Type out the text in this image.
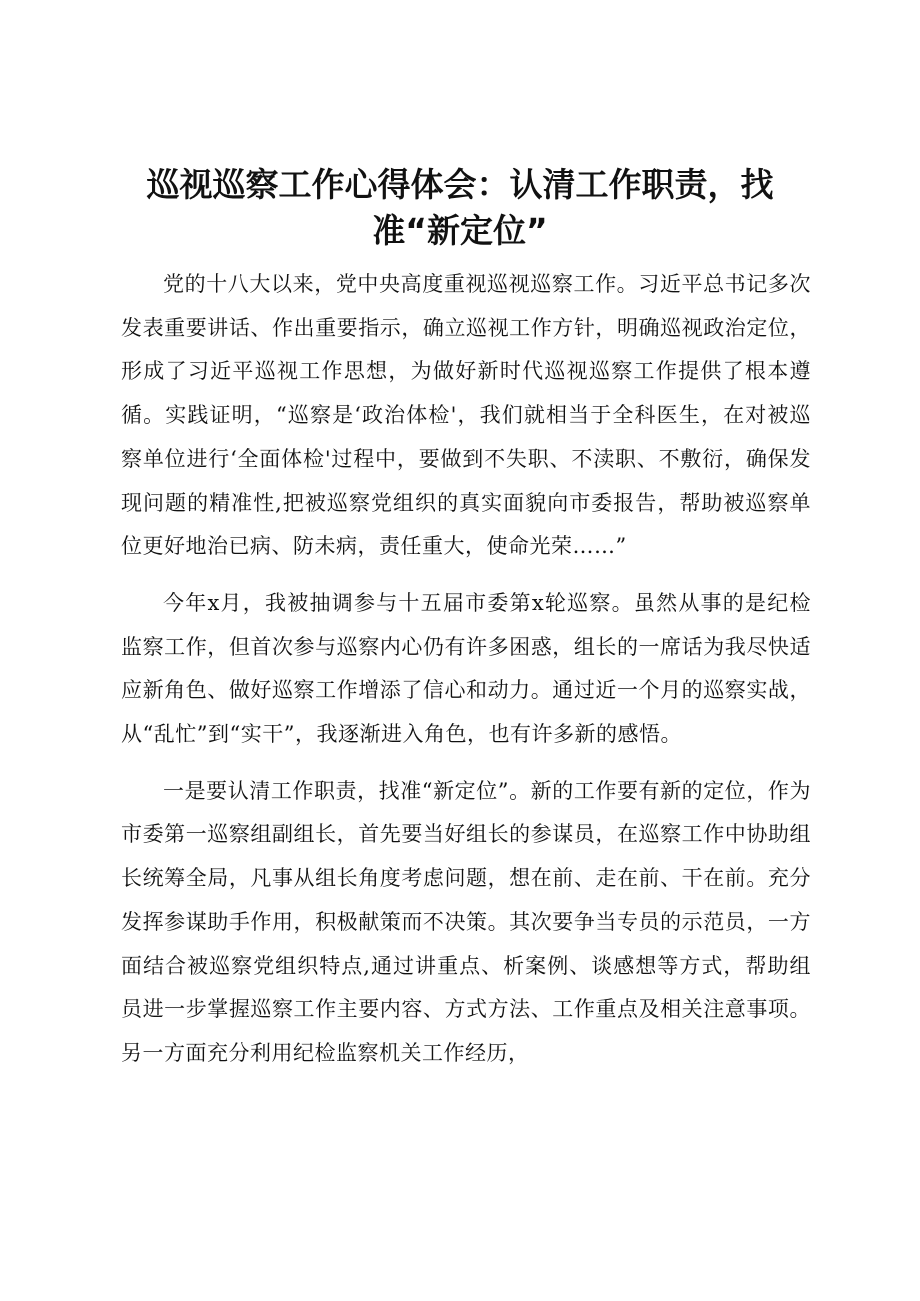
巡视巡察工作心得体会：认清工作职责，找准“新定位”

党的十八大以来，党中央高度重视巡视巡察工作。习近平总书记多次发表重要讲话、作出重要指示，确立巡视工作方针，明确巡视政治定位，形成了习近平巡视工作思想，为做好新时代巡视巡察工作提供了根本遵循。实践证明，“巡察是‘政治体检'，我们就相当于全科医生，在对被巡察单位进行‘全面体检'过程中，要做到不失职、不渎职、不敷衍，确保发现问题的精准性,把被巡察党组织的真实面貌向市委报告，帮助被巡察单位更好地治已病、防未病，责任重大，使命光荣……”

今年x月，我被抽调参与十五届市委第x轮巡察。虽然从事的是纪检监察工作，但首次参与巡察内心仍有许多困惑，组长的一席话为我尽快适应新角色、做好巡察工作增添了信心和动力。通过近一个月的巡察实战，从“乱忙”到“实干”，我逐渐进入角色，也有许多新的感悟。

一是要认清工作职责，找准“新定位”。新的工作要有新的定位，作为市委第一巡察组副组长，首先要当好组长的参谋员，在巡察工作中协助组长统筹全局，凡事从组长角度考虑问题，想在前、走在前、干在前。充分发挥参谋助手作用，积极献策而不决策。其次要争当专员的示范员，一方面结合被巡察党组织特点,通过讲重点、析案例、谈感想等方式，帮助组员进一步掌握巡察工作主要内容、方式方法、工作重点及相关注意事项。另一方面充分利用纪检监察机关工作经历，
